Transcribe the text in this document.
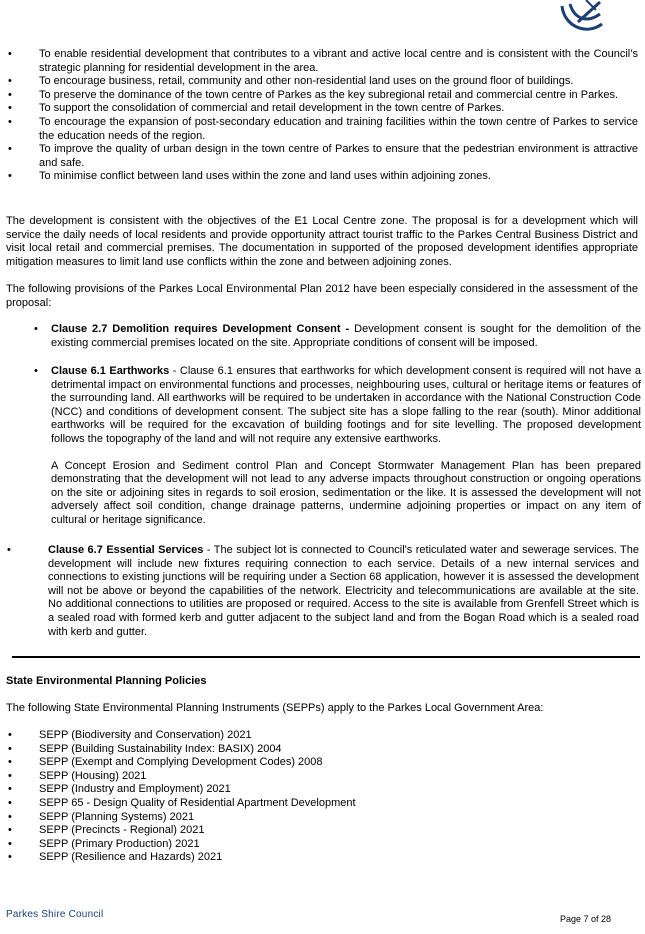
• To enable residential development that contributes to a vibrant and active local centre and is consistent with the Council’s strategic planning for residential development in the area.

• To encourage business, retail, community and other non-residential land uses on the ground floor of buildings.

• To preserve the dominance of the town centre of Parkes as the key subregional retail and commercial centre in Parkes.

• To support the consolidation of commercial and retail development in the town centre of Parkes.

• To encourage the expansion of post-secondary education and training facilities within the town centre of Parkes to service the education needs of the region.

• To improve the quality of urban design in the town centre of Parkes to ensure that the pedestrian environment is attractive and safe.

• To minimise conflict between land uses within the zone and land uses within adjoining zones.

The development is consistent with the objectives of the E1 Local Centre zone. The proposal is for a development which will service the daily needs of local residents and provide opportunity attract tourist traffic to the Parkes Central Business District and visit local retail and commercial premises. The documentation in supported of the proposed development identifies appropriate mitigation measures to limit land use conflicts within the zone and between adjoining zones.

The following provisions of the Parkes Local Environmental Plan 2012 have been especially considered in the assessment of the proposal:

• Clause 2.7 Demolition requires Development Consent - Development consent is sought for the demolition of the existing commercial premises located on the site. Appropriate conditions of consent will be imposed.

• Clause 6.1 Earthworks - Clause 6.1 ensures that earthworks for which development consent is required will not have a detrimental impact on environmental functions and processes, neighbouring uses, cultural or heritage items or features of the surrounding land. All earthworks will be required to be undertaken in accordance with the National Construction Code (NCC) and conditions of development consent. The subject site has a slope falling to the rear (south). Minor additional earthworks will be required for the excavation of building footings and for site levelling. The proposed development follows the topography of the land and will not require any extensive earthworks.

A Concept Erosion and Sediment control Plan and Concept Stormwater Management Plan has been prepared demonstrating that the development will not lead to any adverse impacts throughout construction or ongoing operations on the site or adjoining sites in regards to soil erosion, sedimentation or the like. It is assessed the development will not adversely affect soil condition, change drainage patterns, undermine adjoining properties or impact on any item of cultural or heritage significance.

•	Clause 6.7 Essential Services - The subject lot is connected to Council's reticulated water and sewerage services. The development will include new fixtures requiring connection to each service. Details of a new internal services and connections to existing junctions will be requiring under a Section 68 application, however it is assessed the development will not be above or beyond the capabilities of the network. Electricity and telecommunications are available at the site. No additional connections to utilities are proposed or required. Access to the site is available from Grenfell Street which is a sealed road with formed kerb and gutter adjacent to the subject land and from the Bogan Road which is a sealed road with kerb and gutter.

State Environmental Planning Policies

The following State Environmental Planning Instruments (SEPPs) apply to the Parkes Local Government Area:

• SEPP (Biodiversity and Conservation) 2021

• SEPP (Building Sustainability Index: BASIX) 2004

• SEPP (Exempt and Complying Development Codes) 2008

• SEPP (Housing) 2021

• SEPP (Industry and Employment) 2021

• SEPP 65 - Design Quality of Residential Apartment Development

• SEPP (Planning Systems) 2021

• SEPP (Precincts - Regional) 2021

• SEPP (Primary Production) 2021

• SEPP (Resilience and Hazards) 2021

Parkes Shire Council	Page 7 of 28
